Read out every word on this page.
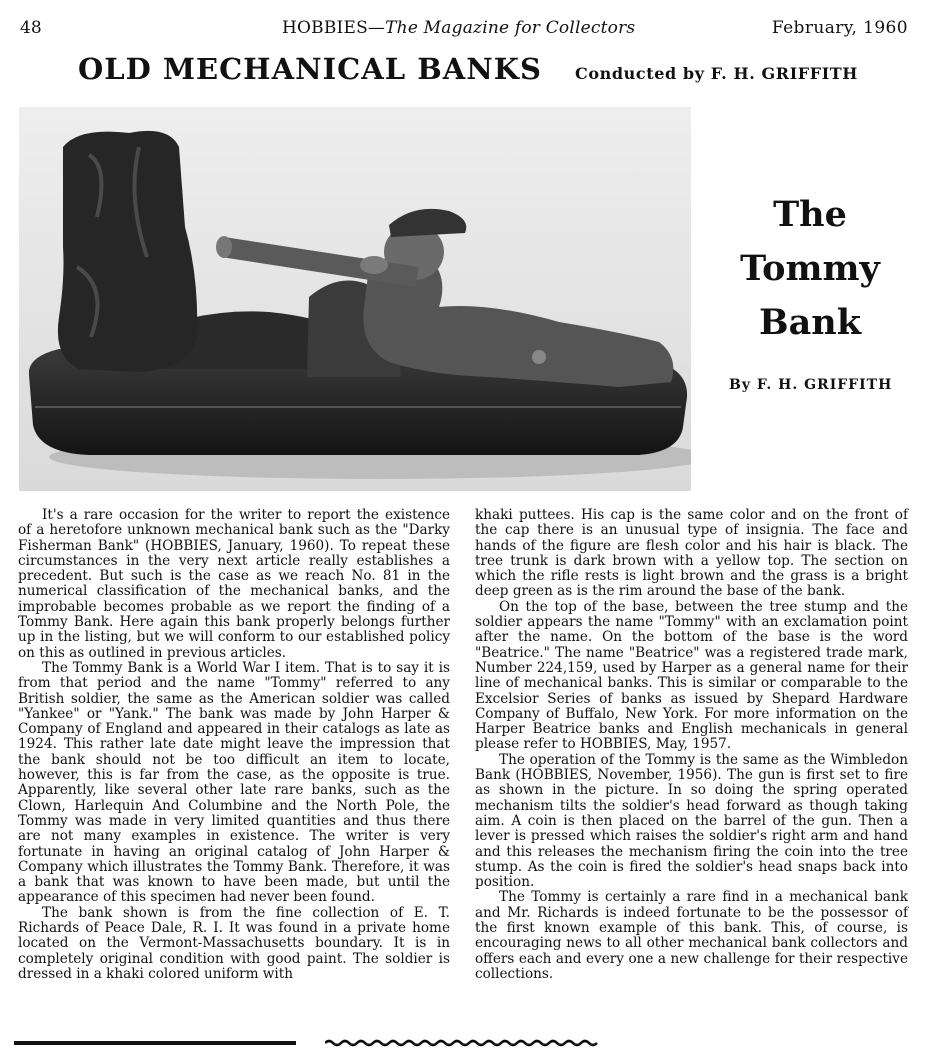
48	HOBBIES—The Magazine for Collectors	February, 1960
OLD MECHANICAL BANKS Conducted by F. H. GRIFFITH
The
Tommy
Bank
By F. H. GRIFFITH

It's a rare occasion for the writer to report the existence of a heretofore unknown mechanical bank such as the "Darky Fisherman Bank" (HOBBIES, January, 1960). To repeat these circumstances in the very next article really establishes a precedent. But such is the case as we reach No. 81 in the numerical classification of the mechanical banks, and the improbable becomes probable as we report the finding of a Tommy Bank. Here again this bank properly belongs further up in the listing, but we will conform to our established policy on this as outlined in previous articles.

The Tommy Bank is a World War I item. That is to say it is from that period and the name "Tommy" referred to any British soldier, the same as the American soldier was called "Yankee" or "Yank." The bank was made by John Harper & Company of England and appeared in their catalogs as late as 1924. This rather late date might leave the impression that the bank should not be too difficult an item to locate, however, this is far from the case, as the opposite is true. Apparently, like several other late rare banks, such as the Clown, Harlequin And Columbine and the North Pole, the Tommy was made in very limited quantities and thus there are not many examples in existence. The writer is very fortunate in having an original catalog of John Harper & Company which illustrates the Tommy Bank. Therefore, it was a bank that was known to have been made, but until the appearance of this specimen had never been found.

The bank shown is from the fine collection of E. T. Richards of Peace Dale, R. I. It was found in a private home located on the Vermont-Massachusetts boundary. It is in completely original condition with good paint. The soldier is dressed in a khaki colored uniform with

khaki puttees. His cap is the same color and on the front of the cap there is an unusual type of insignia. The face and hands of the figure are flesh color and his hair is black. The tree trunk is dark brown with a yellow top. The section on which the rifle rests is light brown and the grass is a bright deep green as is the rim around the base of the bank.

On the top of the base, between the tree stump and the soldier appears the name "Tommy" with an exclamation point after the name. On the bottom of the base is the word "Beatrice." The name "Beatrice" was a registered trade mark, Number 224,159, used by Harper as a general name for their line of mechanical banks. This is similar or comparable to the Excelsior Series of banks as issued by Shepard Hardware Company of Buffalo, New York. For more information on the Harper Beatrice banks and English mechanicals in general please refer to HOBBIES, May, 1957.

The operation of the Tommy is the same as the Wimbledon Bank (HOBBIES, November, 1956). The gun is first set to fire as shown in the picture. In so doing the spring operated mechanism tilts the soldier's head forward as though taking aim. A coin is then placed on the barrel of the gun. Then a lever is pressed which raises the soldier's right arm and hand and this releases the mechanism firing the coin into the tree stump. As the coin is fired the soldier's head snaps back into position.

The Tommy is certainly a rare find in a mechanical bank and Mr. Richards is indeed fortunate to be the possessor of the first known example of this bank. This, of course, is encouraging news to all other mechanical bank collectors and offers each and every one a new challenge for their respective collections.
